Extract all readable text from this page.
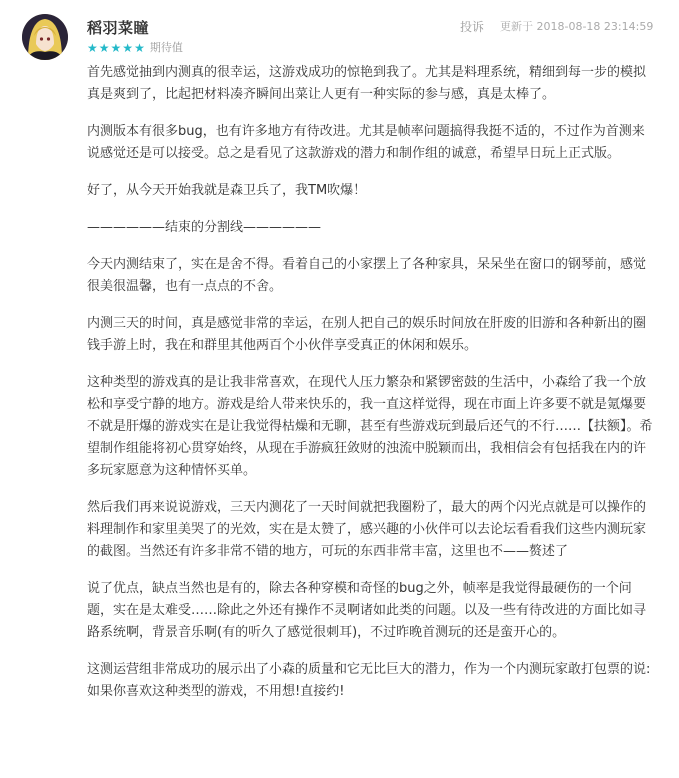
稻羽菜瞳
★ ★ ★ ★ ★ 期待值
投诉 更新于 2018-08-18 23:14:59

首先感觉抽到内测真的很幸运，这游戏成功的惊艳到我了。尤其是料理系统，精细到每一步的模拟真是爽到了，比起把材料凑齐瞬间出菜让人更有一种实际的参与感，真是太棒了。

内测版本有很多bug，也有许多地方有待改进。尤其是帧率问题搞得我挺不适的，不过作为首测来说感觉还是可以接受。总之是看见了这款游戏的潜力和制作组的诚意，希望早日玩上正式版。

好了，从今天开始我就是森卫兵了，我TM吹爆！

——————结束的分割线——————

今天内测结束了，实在是舍不得。看着自己的小家摆上了各种家具，呆呆坐在窗口的钢琴前，感觉很美很温馨，也有一点点的不舍。

内测三天的时间，真是感觉非常的幸运，在别人把自己的娱乐时间放在肝废的旧游和各种新出的圈钱手游上时，我在和群里其他两百个小伙伴享受真正的休闲和娱乐。

这种类型的游戏真的是让我非常喜欢，在现代人压力繁杂和紧锣密鼓的生活中，小森给了我一个放松和享受宁静的地方。游戏是给人带来快乐的，我一直这样觉得，现在市面上许多要不就是氪爆要不就是肝爆的游戏实在是让我觉得枯燥和无聊，甚至有些游戏玩到最后还气的不行……【扶额】。希望制作组能将初心贯穿始终，从现在手游疯狂敛财的浊流中脱颖而出，我相信会有包括我在内的许多玩家愿意为这种情怀买单。

然后我们再来说说游戏，三天内测花了一天时间就把我圈粉了，最大的两个闪光点就是可以操作的料理制作和家里美哭了的光效，实在是太赞了，感兴趣的小伙伴可以去论坛看看我们这些内测玩家的截图。当然还有许多非常不错的地方，可玩的东西非常丰富，这里也不——赘述了

说了优点，缺点当然也是有的，除去各种穿模和奇怪的bug之外，帧率是我觉得最硬伤的一个问题，实在是太难受……除此之外还有操作不灵啊诸如此类的问题。以及一些有待改进的方面比如寻路系统啊，背景音乐啊(有的听久了感觉很刺耳)，不过昨晚首测玩的还是蛮开心的。

这测运营组非常成功的展示出了小森的质量和它无比巨大的潜力，作为一个内测玩家敢打包票的说:如果你喜欢这种类型的游戏，不用想!直接约!
